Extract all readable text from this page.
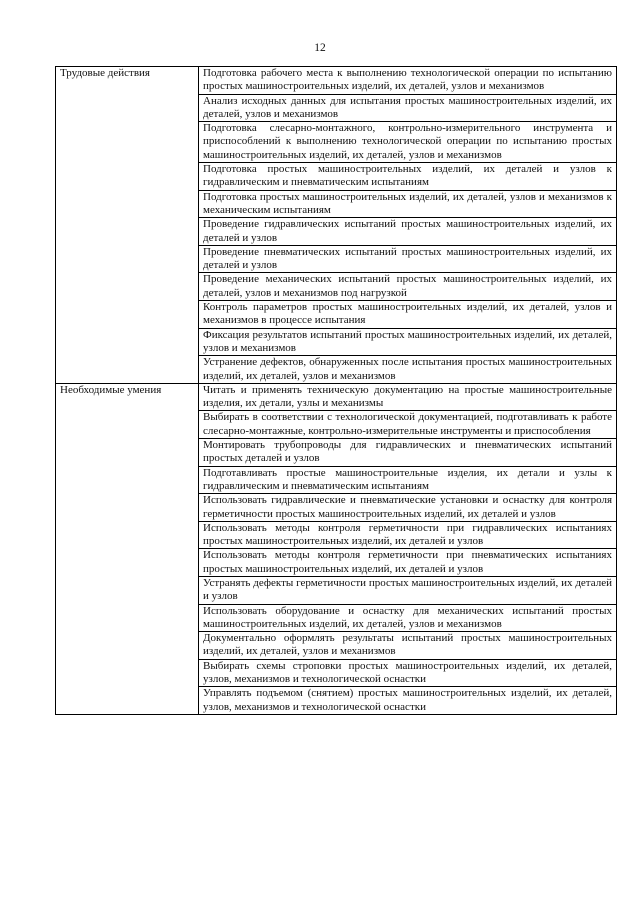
12
Трудовые действия	Подготовка рабочего места к выполнению технологической операции по испытанию простых машиностроительных изделий, их деталей, узлов и механизмов
	Анализ исходных данных для испытания простых машиностроительных изделий, их деталей, узлов и механизмов
	Подготовка слесарно-монтажного, контрольно-измерительного инструмента и приспособлений к выполнению технологической операции по испытанию простых машиностроительных изделий, их деталей, узлов и механизмов
	Подготовка простых машиностроительных изделий, их деталей и узлов к гидравлическим и пневматическим испытаниям
	Подготовка простых машиностроительных изделий, их деталей, узлов и механизмов к механическим испытаниям
	Проведение гидравлических испытаний простых машиностроительных изделий, их деталей и узлов
	Проведение пневматических испытаний простых машиностроительных изделий, их деталей и узлов
	Проведение механических испытаний простых машиностроительных изделий, их деталей, узлов и механизмов под нагрузкой
	Контроль параметров простых машиностроительных изделий, их деталей, узлов и механизмов в процессе испытания
	Фиксация результатов испытаний простых машиностроительных изделий, их деталей, узлов и механизмов
	Устранение дефектов, обнаруженных после испытания простых машиностроительных изделий, их деталей, узлов и механизмов
Необходимые умения	Читать и применять техническую документацию на простые машиностроительные изделия, их детали, узлы и механизмы
	Выбирать в соответствии с технологической документацией, подготавливать к работе слесарно-монтажные, контрольно-измерительные инструменты и приспособления
	Монтировать трубопроводы для гидравлических и пневматических испытаний простых деталей и узлов
	Подготавливать простые машиностроительные изделия, их детали и узлы к гидравлическим и пневматическим испытаниям
	Использовать гидравлические и пневматические установки и оснастку для контроля герметичности простых машиностроительных изделий, их деталей и узлов
	Использовать методы контроля герметичности при гидравлических испытаниях простых машиностроительных изделий, их деталей и узлов
	Использовать методы контроля герметичности при пневматических испытаниях простых машиностроительных изделий, их деталей и узлов
	Устранять дефекты герметичности простых машиностроительных изделий, их деталей и узлов
	Использовать оборудование и оснастку для механических испытаний простых машиностроительных изделий, их деталей, узлов и механизмов
	Документально оформлять результаты испытаний простых машиностроительных изделий, их деталей, узлов и механизмов
	Выбирать схемы строповки простых машиностроительных изделий, их деталей, узлов, механизмов и технологической оснастки
	Управлять подъемом (снятием) простых машиностроительных изделий, их деталей, узлов, механизмов и технологической оснастки
